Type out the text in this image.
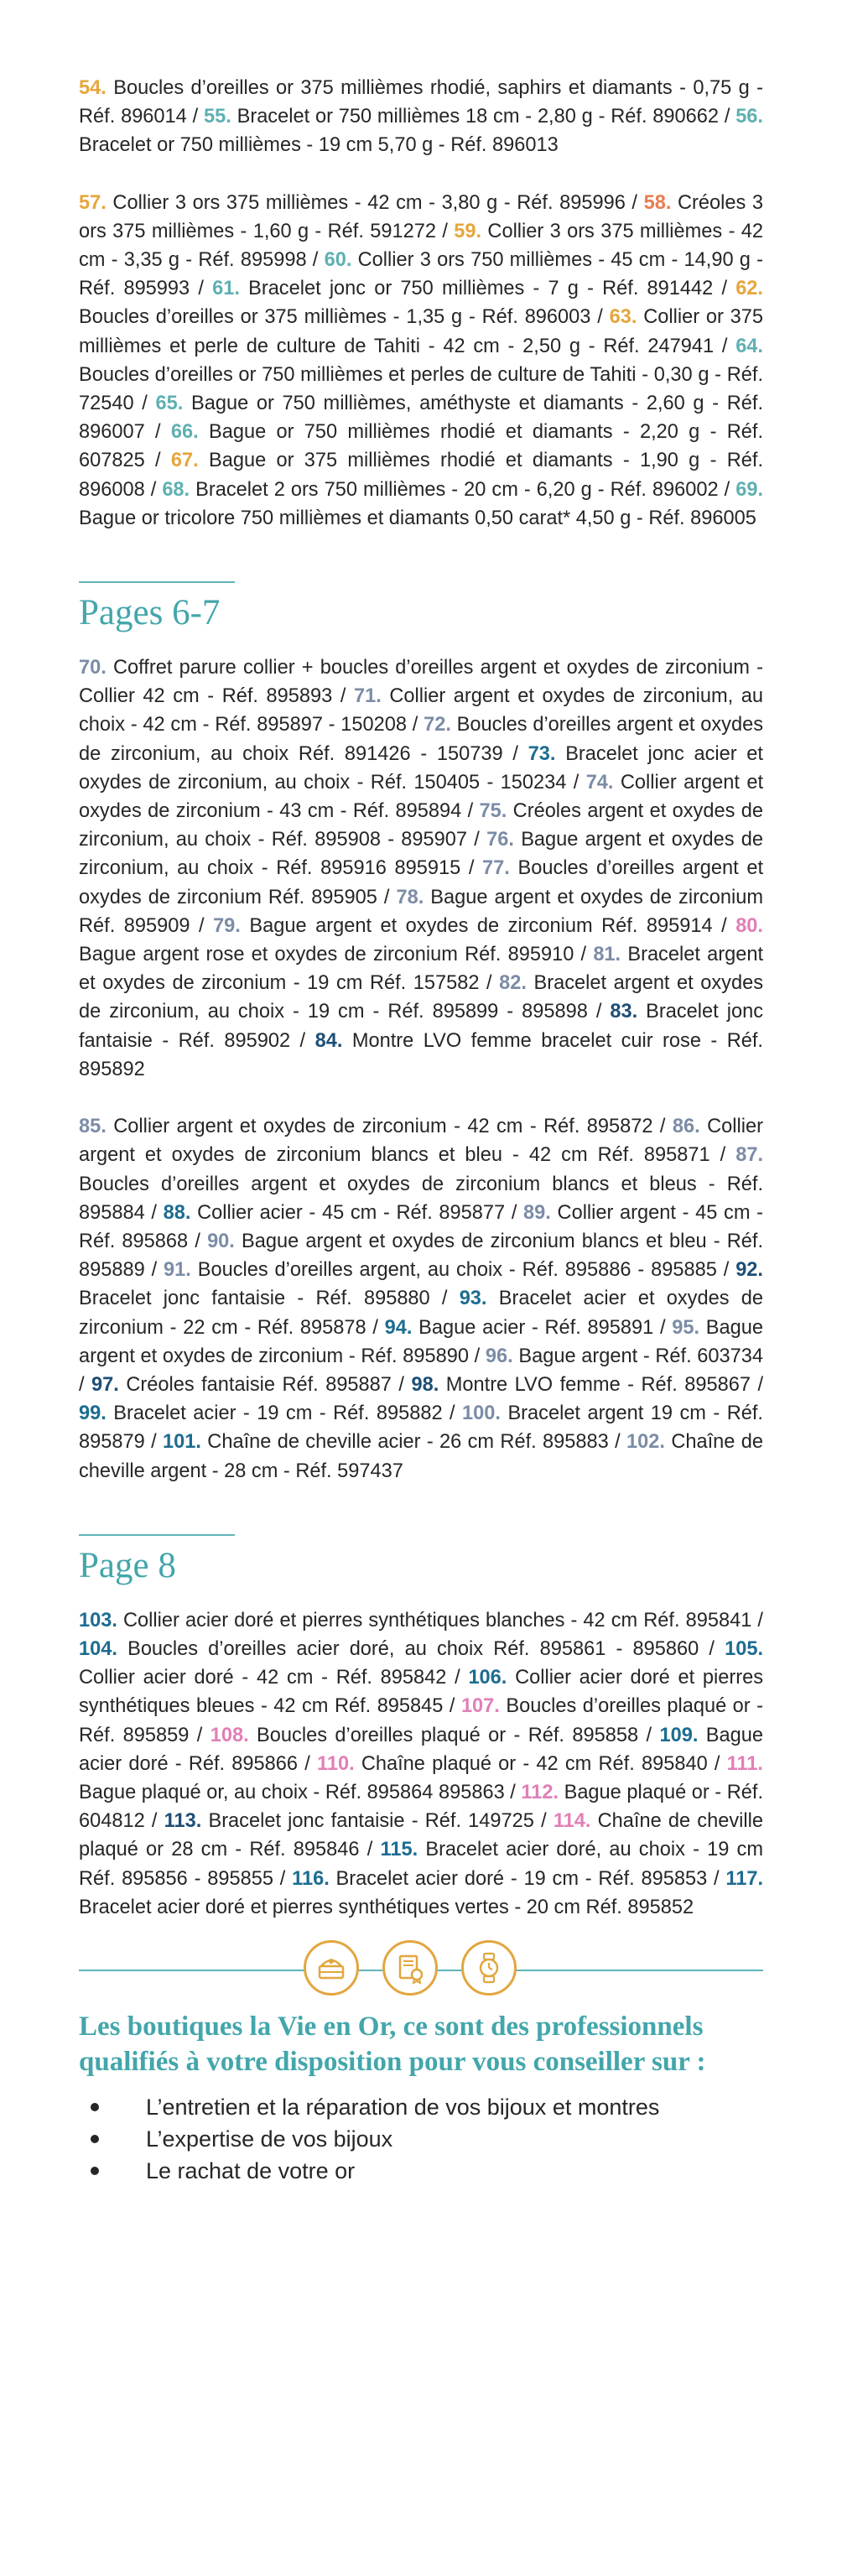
54. Boucles d’oreilles or 375 millièmes rhodié, saphirs et diamants - 0,75 g - Réf. 896014 / 55. Bracelet or 750 millièmes 18 cm - 2,80 g - Réf. 890662 / 56. Bracelet or 750 millièmes - 19 cm 5,70 g - Réf. 896013

57. Collier 3 ors 375 millièmes - 42 cm - 3,80 g - Réf. 895996 / 58. Créoles 3 ors 375 millièmes - 1,60 g - Réf. 591272 / 59. Collier 3 ors 375 millièmes - 42 cm - 3,35 g - Réf. 895998 / 60. Collier 3 ors 750 millièmes - 45 cm - 14,90 g - Réf. 895993 / 61. Bracelet jonc or 750 millièmes - 7 g - Réf. 891442 / 62. Boucles d’oreilles or 375 millièmes - 1,35 g - Réf. 896003 / 63. Collier or 375 millièmes et perle de culture de Tahiti - 42 cm - 2,50 g - Réf. 247941 / 64. Boucles d’oreilles or 750 millièmes et perles de culture de Tahiti - 0,30 g - Réf. 72540 / 65. Bague or 750 millièmes, améthyste et diamants - 2,60 g - Réf. 896007 / 66. Bague or 750 millièmes rhodié et diamants - 2,20 g - Réf. 607825 / 67. Bague or 375 millièmes rhodié et diamants - 1,90 g - Réf. 896008 / 68. Bracelet 2 ors 750 millièmes - 20 cm - 6,20 g - Réf. 896002 / 69. Bague or tricolore 750 millièmes et diamants 0,50 carat* 4,50 g - Réf. 896005

Pages 6-7

70. Coffret parure collier + boucles d’oreilles argent et oxydes de zirconium - Collier 42 cm - Réf. 895893 / 71. Collier argent et oxydes de zirconium, au choix - 42 cm - Réf. 895897 - 150208 / 72. Boucles d’oreilles argent et oxydes de zirconium, au choix Réf. 891426 - 150739 / 73. Bracelet jonc acier et oxydes de zirconium, au choix - Réf. 150405 - 150234 / 74. Collier argent et oxydes de zirconium - 43 cm - Réf. 895894 / 75. Créoles argent et oxydes de zirconium, au choix - Réf. 895908 - 895907 / 76. Bague argent et oxydes de zirconium, au choix - Réf. 895916 895915 / 77. Boucles d’oreilles argent et oxydes de zirconium Réf. 895905 / 78. Bague argent et oxydes de zirconium Réf. 895909 / 79. Bague argent et oxydes de zirconium Réf. 895914 / 80. Bague argent rose et oxydes de zirconium Réf. 895910 / 81. Bracelet argent et oxydes de zirconium - 19 cm Réf. 157582 / 82. Bracelet argent et oxydes de zirconium, au choix - 19 cm - Réf. 895899 - 895898 / 83. Bracelet jonc fantaisie - Réf. 895902 / 84. Montre LVO femme bracelet cuir rose - Réf. 895892

85. Collier argent et oxydes de zirconium - 42 cm - Réf. 895872 / 86. Collier argent et oxydes de zirconium blancs et bleu - 42 cm Réf. 895871 / 87. Boucles d’oreilles argent et oxydes de zirconium blancs et bleus - Réf. 895884 / 88. Collier acier - 45 cm - Réf. 895877 / 89. Collier argent - 45 cm - Réf. 895868 / 90. Bague argent et oxydes de zirconium blancs et bleu - Réf. 895889 / 91. Boucles d’oreilles argent, au choix - Réf. 895886 - 895885 / 92. Bracelet jonc fantaisie - Réf. 895880 / 93. Bracelet acier et oxydes de zirconium - 22 cm - Réf. 895878 / 94. Bague acier - Réf. 895891 / 95. Bague argent et oxydes de zirconium - Réf. 895890 / 96. Bague argent - Réf. 603734 / 97. Créoles fantaisie Réf. 895887 / 98. Montre LVO femme - Réf. 895867 / 99. Bracelet acier - 19 cm - Réf. 895882 / 100. Bracelet argent 19 cm - Réf. 895879 / 101. Chaîne de cheville acier - 26 cm Réf. 895883 / 102. Chaîne de cheville argent - 28 cm - Réf. 597437

Page 8

103. Collier acier doré et pierres synthétiques blanches - 42 cm Réf. 895841 / 104. Boucles d’oreilles acier doré, au choix Réf. 895861 - 895860 / 105. Collier acier doré - 42 cm - Réf. 895842 / 106. Collier acier doré et pierres synthétiques bleues - 42 cm Réf. 895845 / 107. Boucles d’oreilles plaqué or - Réf. 895859 / 108. Boucles d’oreilles plaqué or - Réf. 895858 / 109. Bague acier doré - Réf. 895866 / 110. Chaîne plaqué or - 42 cm Réf. 895840 / 111. Bague plaqué or, au choix - Réf. 895864 895863 / 112. Bague plaqué or - Réf. 604812 / 113. Bracelet jonc fantaisie - Réf. 149725 / 114. Chaîne de cheville plaqué or 28 cm - Réf. 895846 / 115. Bracelet acier doré, au choix - 19 cm Réf. 895856 - 895855 / 116. Bracelet acier doré - 19 cm - Réf. 895853 / 117. Bracelet acier doré et pierres synthétiques vertes - 20 cm Réf. 895852

Les boutiques la Vie en Or, ce sont des professionnels qualifiés à votre disposition pour vous conseiller sur :

L’entretien et la réparation de vos bijoux et montres
L’expertise de vos bijoux
Le rachat de votre or
